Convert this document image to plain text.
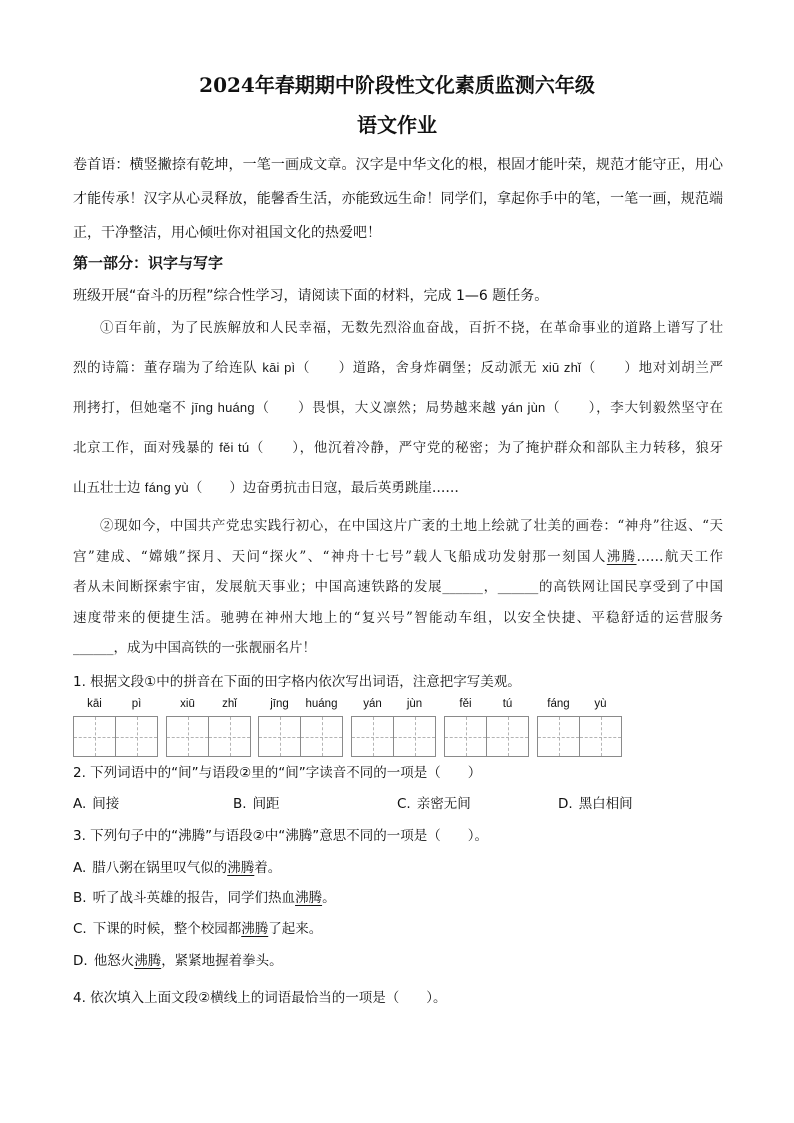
2024年春期期中阶段性文化素质监测六年级
语文作业
卷首语：横竖撇捺有乾坤，一笔一画成文章。汉字是中华文化的根，根固才能叶荣，规范才能守正，用心
才能传承！汉字从心灵释放，能馨香生活，亦能致远生命！同学们，拿起你手中的笔，一笔一画，规范端
正，干净整洁，用心倾吐你对祖国文化的热爱吧！
第一部分：识字与写字
班级开展“奋斗的历程”综合性学习，请阅读下面的材料，完成 1—6 题任务。
①百年前，为了民族解放和人民幸福，无数先烈浴血奋战，百折不挠，在革命事业的道路上谱写了壮
烈的诗篇：董存瑞为了给连队 kāi pì（　　）道路，舍身炸碉堡；反动派无 xiū zhǐ（　　）地对刘胡兰严
刑拷打，但她毫不 jīng huáng（　　）畏惧，大义凛然；局势越来越 yán jùn（　　），李大钊毅然坚守在
北京工作，面对残暴的 fěi tú（　　），他沉着冷静，严守党的秘密；为了掩护群众和部队主力转移，狼牙
山五壮士边 fáng yù（　　）边奋勇抗击日寇，最后英勇跳崖……
②现如今，中国共产党忠实践行初心，在中国这片广袤的土地上绘就了壮美的画卷：“神舟”往返、“天
宫”建成、“嫦娥”探月、天问“探火”、“神舟十七号”载人飞船成功发射那一刻国人沸腾……航天工作
者从未间断探索宇宙，发展航天事业；中国高速铁路的发展______，______的高铁网让国民享受到了中国
速度带来的便捷生活。驰骋在神州大地上的“复兴号”智能动车组，以安全快捷、平稳舒适的运营服务
______，成为中国高铁的一张靓丽名片！
1. 根据文段①中的拼音在下面的田字格内依次写出词语，注意把字写美观。
kāi	pì	xiū	zhǐ	jīng	huáng	yán	jùn	fěi	tú	fáng	yù
2. 下列词语中的“间”与语段②里的“间”字读音不同的一项是（　　）
A. 间接	B. 间距	C. 亲密无间	D. 黑白相间
3. 下列句子中的“沸腾”与语段②中“沸腾”意思不同的一项是（　　）。
A. 腊八粥在锅里叹气似的沸腾着。
B. 听了战斗英雄的报告，同学们热血沸腾。
C. 下课的时候，整个校园都沸腾了起来。
D. 他怒火沸腾，紧紧地握着拳头。
4. 依次填入上面文段②横线上的词语最恰当的一项是（　　）。
